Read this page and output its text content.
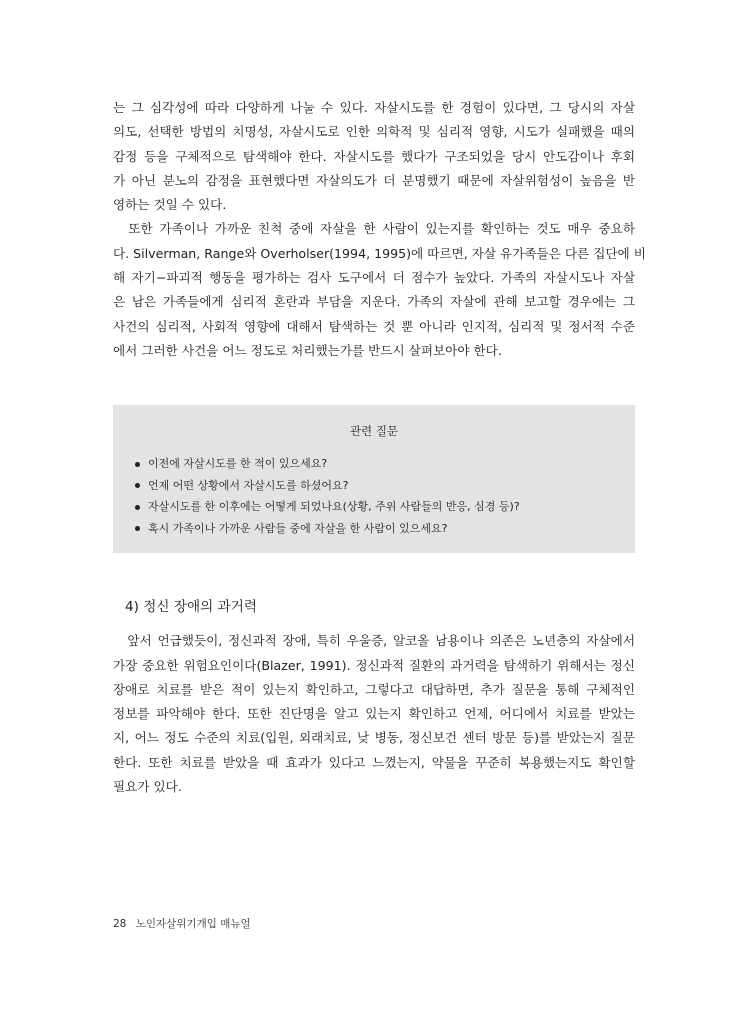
는 그 심각성에 따라 다양하게 나눌 수 있다. 자살시도를 한 경험이 있다면, 그 당시의 자살

의도, 선택한 방법의 치명성, 자살시도로 인한 의학적 및 심리적 영향, 시도가 실패했을 때의

감정 등을 구체적으로 탐색해야 한다. 자살시도를 했다가 구조되었을 당시 안도감이나 후회

가 아닌 분노의 감정을 표현했다면 자살의도가 더 분명했기 때문에 자살위험성이 높음을 반

영하는 것일 수 있다.

　또한 가족이나 가까운 친척 중에 자살을 한 사람이 있는지를 확인하는 것도 매우 중요하

다. Silverman, Range와 Overholser(1994, 1995)에 따르면, 자살 유가족들은 다른 집단에 비

해 자기−파괴적 행동을 평가하는 검사 도구에서 더 점수가 높았다. 가족의 자살시도나 자살

은 남은 가족들에게 심리적 혼란과 부담을 지운다. 가족의 자살에 관해 보고할 경우에는 그

사건의 심리적, 사회적 영향에 대해서 탐색하는 것 뿐 아니라 인지적, 심리적 및 정서적 수준

에서 그러한 사건을 어느 정도로 처리했는가를 반드시 살펴보아야 한다.

관련 질문
이전에 자살시도를 한 적이 있으세요?
언제 어떤 상황에서 자살시도를 하셨어요?
자살시도를 한 이후에는 어떻게 되었나요(상황, 주위 사람들의 반응, 심경 등)?
혹시 가족이나 가까운 사람들 중에 자살을 한 사람이 있으세요?
4) 정신 장애의 과거력

　앞서 언급했듯이, 정신과적 장애, 특히 우울증, 알코올 남용이나 의존은 노년층의 자살에서

가장 중요한 위험요인이다(Blazer, 1991). 정신과적 질환의 과거력을 탐색하기 위해서는 정신

장애로 치료를 받은 적이 있는지 확인하고, 그렇다고 대답하면, 추가 질문을 통해 구체적인

정보를 파악해야 한다. 또한 진단명을 알고 있는지 확인하고 언제, 어디에서 치료를 받았는

지, 어느 정도 수준의 치료(입원, 외래치료, 낮 병동, 정신보건 센터 방문 등)를 받았는지 질문

한다. 또한 치료를 받았을 때 효과가 있다고 느꼈는지, 약물을 꾸준히 복용했는지도 확인할

필요가 있다.

28 노인자살위기개입 매뉴얼
